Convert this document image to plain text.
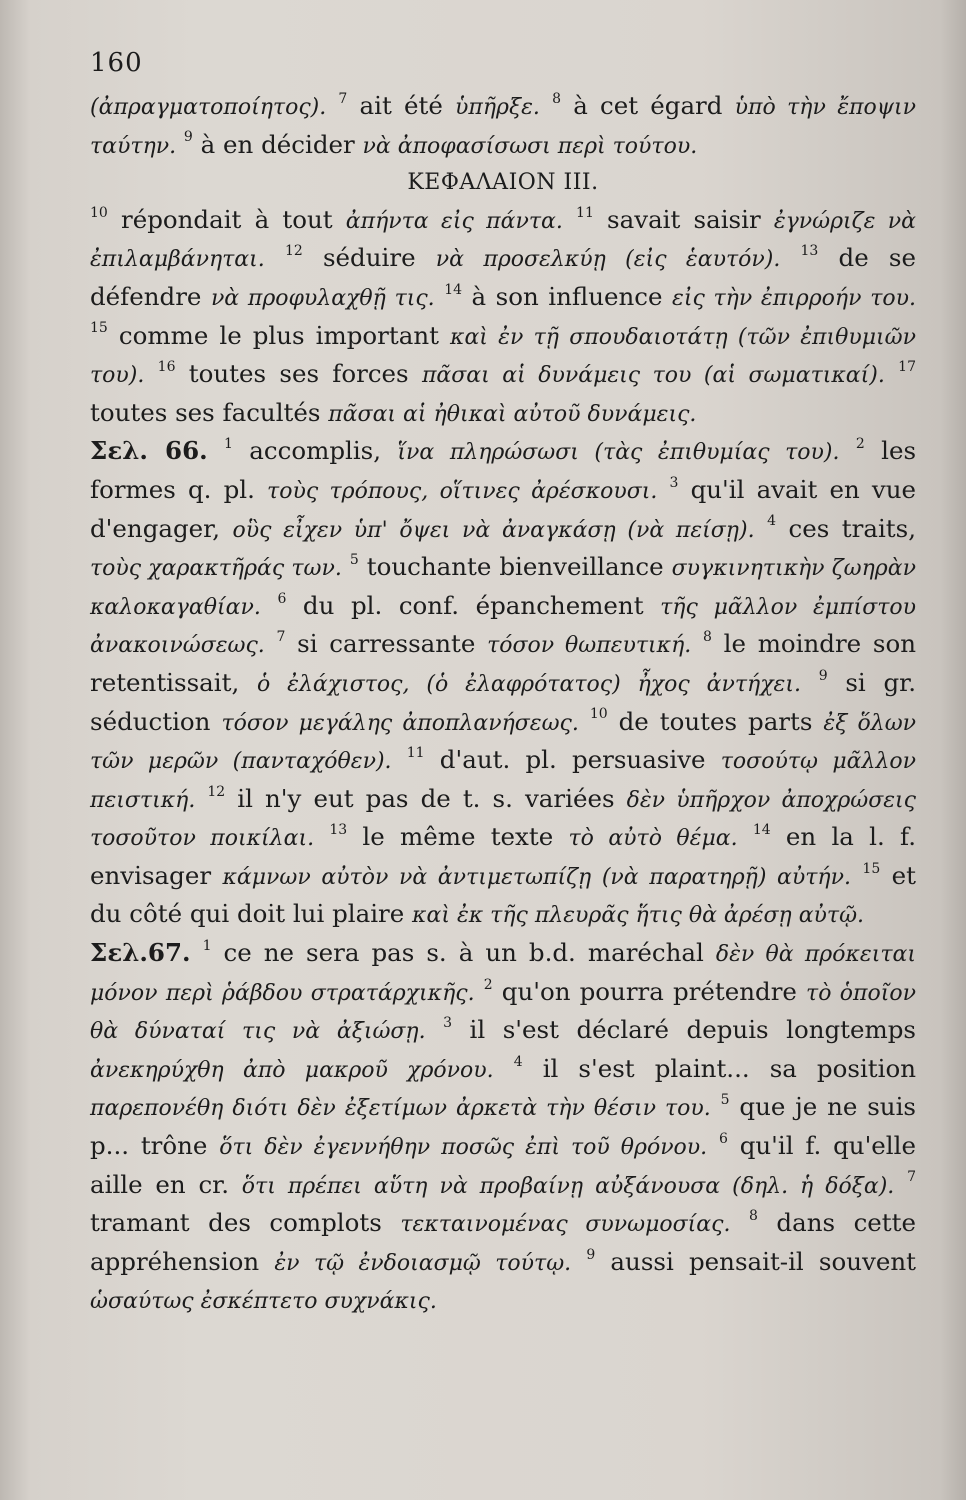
160

(ἀπραγματοποίητος). $^7$ ait été ὑπῆρξε. $^8$ à cet égard ὑπὸ τὴν ἔποψιν ταύτην. $^9$ à en décider νὰ ἀποφασίσωσι περὶ τούτου.

ΚΕΦΑΛΑΙΟΝ III.

$^{10}$ répondait à tout ἀπήντα εἰς πάντα. $^{11}$ savait saisir ἐγνώριζε νὰ ἐπιλαμβάνηται. $^{12}$ séduire νὰ προσελκύῃ (εἰς ἑαυτόν). $^{13}$ de se défendre νὰ προφυλαχθῇ τις. $^{14}$ à son influence εἰς τὴν ἐπιρροήν του. $^{15}$ comme le plus important καὶ ἐν τῇ σπουδαιοτάτῃ (τῶν ἐπιθυμιῶν του). $^{16}$ toutes ses forces πᾶσαι αἱ δυνάμεις του (αἱ σωματικαί). $^{17}$ toutes ses facultés πᾶσαι αἱ ἠθικαὶ αὐτοῦ δυνάμεις.

Σελ. 66. $^1$ accomplis, ἵνα πληρώσωσι (τὰς ἐπιθυμίας του). $^2$ les formes q. pl. τοὺς τρόπους, οἵτινες ἀρέσκουσι. $^3$ qu'il avait en vue d'engager, οὓς εἶχεν ὑπ' ὄψει νὰ ἀναγκάσῃ (νὰ πείσῃ). $^4$ ces traits, τοὺς χαρακτῆράς των. $^5$ touchante bienveillance συγκινητικὴν ζωηρὰν καλοκαγαθίαν. $^6$ du pl. conf. épanchement τῆς μᾶλλον ἐμπίστου ἀνακοινώσεως. $^7$ si carressante τόσον θωπευτική. $^8$ le moindre son retentissait, ὁ ἐλάχιστος, (ὁ ἐλαφρότατος) ἦχος ἀντήχει. $^9$ si gr. séduction τόσον μεγάλης ἀποπλανήσεως. $^{10}$ de toutes parts ἐξ ὅλων τῶν μερῶν (πανταχόθεν). $^{11}$ d'aut. pl. persuasive τοσούτῳ μᾶλλον πειστική. $^{12}$ il n'y eut pas de t. s. variées δὲν ὑπῆρχον ἀποχρώσεις τοσοῦτον ποικίλαι. $^{13}$ le même texte τὸ αὐτὸ θέμα. $^{14}$ en la l. f. envisager κάμνων αὐτὸν νὰ ἀντιμετωπίζῃ (νὰ παρατηρῇ) αὐτήν. $^{15}$ et du côté qui doit lui plaire καὶ ἐκ τῆς πλευρᾶς ἥτις θὰ ἀρέσῃ αὐτῷ.

Σελ.67. $^1$ ce ne sera pas s. à un b.d. maréchal δὲν θὰ πρόκειται μόνον περὶ ῥάβδου στρατάρχικῆς. $^2$ qu'on pourra prétendre τὸ ὁποῖον θὰ δύναταί τις νὰ ἀξιώσῃ. $^3$ il s'est déclaré depuis longtemps ἀνεκηρύχθη ἀπὸ μακροῦ χρόνου. $^4$ il s'est plaint... sa position παρεπονέθη διότι δὲν ἐξετίμων ἀρκετὰ τὴν θέσιν του. $^5$ que je ne suis p... trône ὅτι δὲν ἐγεννήθην ποσῶς ἐπὶ τοῦ θρόνου. $^6$ qu'il f. qu'elle aille en cr. ὅτι πρέπει αὕτη νὰ προβαίνῃ αὐξάνουσα (δηλ. ἡ δόξα). $^7$ tramant des complots τεκταινομένας συνωμοσίας. $^8$ dans cette appréhension ἐν τῷ ἐνδοιασμῷ τούτῳ. $^9$ aussi pensait-il souvent ὡσαύτως ἐσκέπτετο συχνάκις.
